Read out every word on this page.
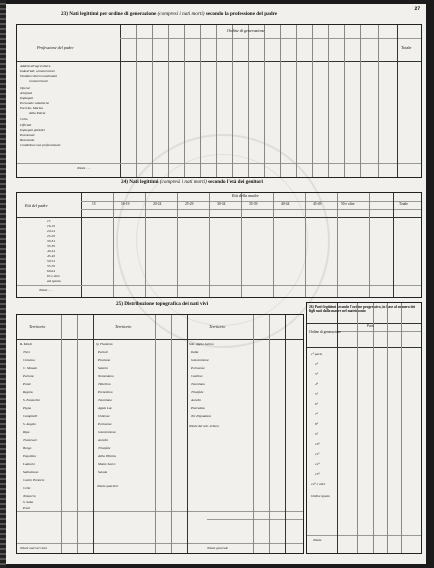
27
23) Nati legittimi per ordine di generazione (compresi i nati morti) secondo la professione del padre
Professione del padre
Ordine di generazione
Totale
Addetti all'agricoltura
Industriali, commercianti
Venditori diversi ambulanti
commercianti
Operai
Artigiani
Impiegati
Personale subalterno
Esercito, Marina
della Patria
Culto
Ufficiali
Impiegati pubblici
Pensionati
Benestanti
Condizione non professionale
Totale . . .
24) Nati legittimi (compresi i nati morti) secondo l'età dei genitori
Età del padre
Età della madre
15	16-19	20-24	25-29	30-34	35-39	40-44	45-49	50 e oltre	Totale
15
16-19
20-24
25-29
30-34
35-39
40-44
45-49
50-54
55-59
60-64
65 e oltre
età ignota
Totale . . .
25) Distribuzione topografica dei nati vivi
Territorio	Territorio	Territorio
R. Monti
Trevi
Colonna
C. Mosato
Parione
Ponte
Regola
S. Eustachio
Pigna
Campitelli
S. Angelo
Ripa
Trastevere
Borgo
Esquilino
Ludovisi
Sallustiano
Castro Pretorio
Celio
Testaccio
S. Saba
Prati
Totale nati nel rioni
Q. Flaminio
Parioli
Pinciano
Salario
Nomentano
Tiburtino
Prenestino
Tuscolano
Appio Lat.
Ostiense
Portuense
Gianicolense
Aurelio
Trionfale
della Vittoria
Monte Sacro
Savoia
Totale quartieri
Sob. Appio Latino
Italia
Gianicolense
Portuense
Casilino
Tuscolano
Trionfale
Aurelio
Pietralata
Tor Pignattara
Totale dei sob. urbani
Totale generale
26) Parti legittimi secondo l'ordine progressivo, in base al numero dei figli nati dalla madre nel matrimonio
Ordine di generazione
Parti
1° parto
2°
3°
4°
5°
6°
7°
8°
9°
10°
11°
12°
13°
14° e oltre
Ordine ignoto
Totale
